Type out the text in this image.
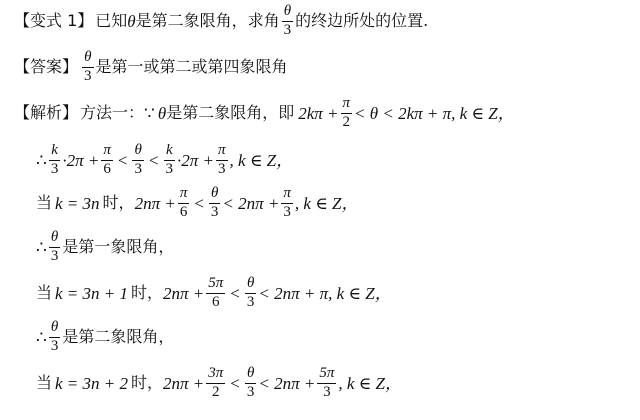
【变式 1】 已知 θ 是第二象限角，求角 $\frac{\theta}{3}$ 的终边所处的位置.
【答案】 $\frac{\theta}{3}$ 是第一或第二或第四象限角
【解析】 方法一： ∵ θ 是第二象限角，即 $2k\pi + \frac{\pi}{2} < \theta < 2k\pi + \pi$, k ∈ Z，
∴ $\frac{k}{3} \cdot 2\pi + \frac{\pi}{6} < \frac{\theta}{3} < \frac{k}{3} \cdot 2\pi + \frac{\pi}{3}$ , k ∈ Z，
当 k = 3n 时， $2n\pi + \frac{\pi}{6} < \frac{\theta}{3} < 2n\pi + \frac{\pi}{3}$ , k ∈ Z，
∴ $\frac{\theta}{3}$ 是第一象限角，
当 k = 3n + 1 时， $2n\pi + \frac{5\pi}{6} < \frac{\theta}{3} < 2n\pi + \pi$, k ∈ Z，
∴ $\frac{\theta}{3}$ 是第二象限角，
当 k = 3n + 2 时， $2n\pi + \frac{3\pi}{2} < \frac{\theta}{3} < 2n\pi + \frac{5\pi}{3}$ , k ∈ Z，
